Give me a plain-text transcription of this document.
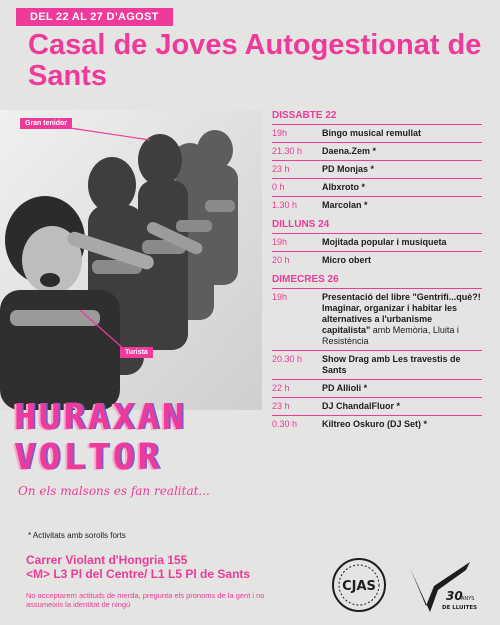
DEL 22 AL 27 D’AGOST
Casal de Joves Autogestionat de Sants
Gran tenidor
Turista
HURAXAN
VOLTOR
On els malsons es fan realitat...
* Activitats amb sorolls forts
Carrer Violant d'Hongria 155
<M> L3 Pl del Centre/ L1 L5 Pl de Sants
No acceptarem actituds de merda, pregunta els pronoms de la gent i no assumeixis la identitat de ningú
DISSABTE 22
19h	Bingo musical remullat
21.30 h	Daena.Zem *
23 h	PD Monjas *
0 h	Albxroto *
1.30 h	Marcolan *
DILLUNS 24
19h	Mojitada popular i musiqueta
20 h	Micro obert
DIMECRES 26
19h	Presentació del libre "Gentrifi...què?! Imaginar, organizar i habitar les alternatives a l'urbanisme capitalista" amb Memòria, Lluita i Resistència
20.30 h	Show Drag amb Les travestis de Sants
22 h	PD Allioli *
23 h	DJ ChandalFluor *
0.30 h	Kiltreo Oskuro (DJ Set) *
CJAS
30
ANYS
DE LLUITES
